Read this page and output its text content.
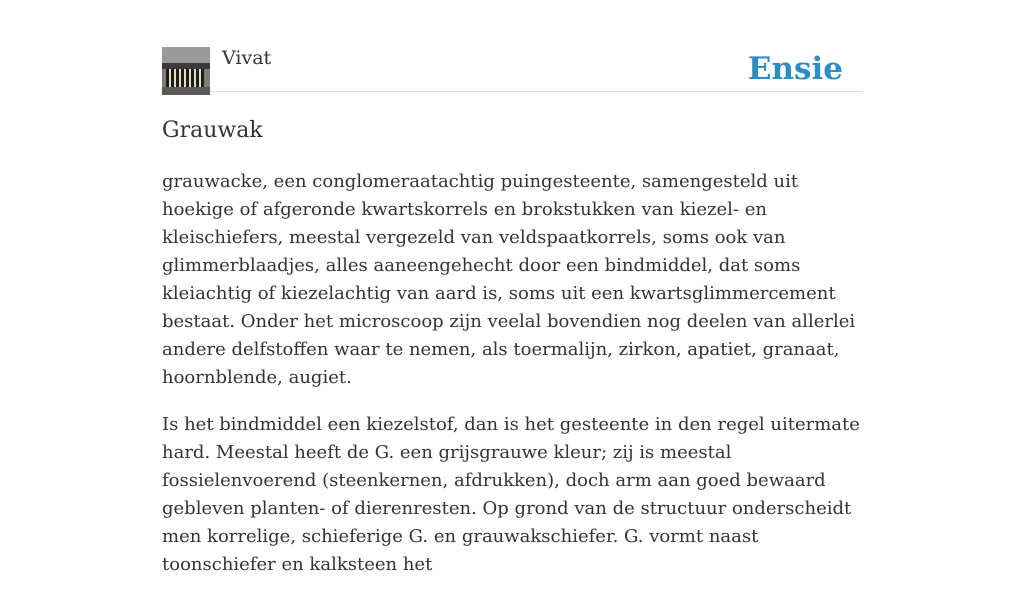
Vivat	Ensie
Grauwak

grauwacke, een conglomeraatachtig puingesteente, samengesteld uit hoekige of afgeronde kwartskorrels en brokstukken van kiezel- en kleischiefers, meestal vergezeld van veldspaatkorrels, soms ook van glimmerblaadjes, alles aaneengehecht door een bindmiddel, dat soms kleiachtig of kiezelachtig van aard is, soms uit een kwartsglimmercement bestaat. Onder het microscoop zijn veelal bovendien nog deelen van allerlei andere delfstoffen waar te nemen, als toermalijn, zirkon, apatiet, granaat, hoornblende, augiet.

Is het bindmiddel een kiezelstof, dan is het gesteente in den regel uitermate hard. Meestal heeft de G. een grijsgrauwe kleur; zij is meestal fossielenvoerend (steenkernen, afdrukken), doch arm aan goed bewaard gebleven planten- of dierenresten. Op grond van de structuur onderscheidt men korrelige, schieferige G. en grauwakschiefer. G. vormt naast toonschiefer en kalksteen het
